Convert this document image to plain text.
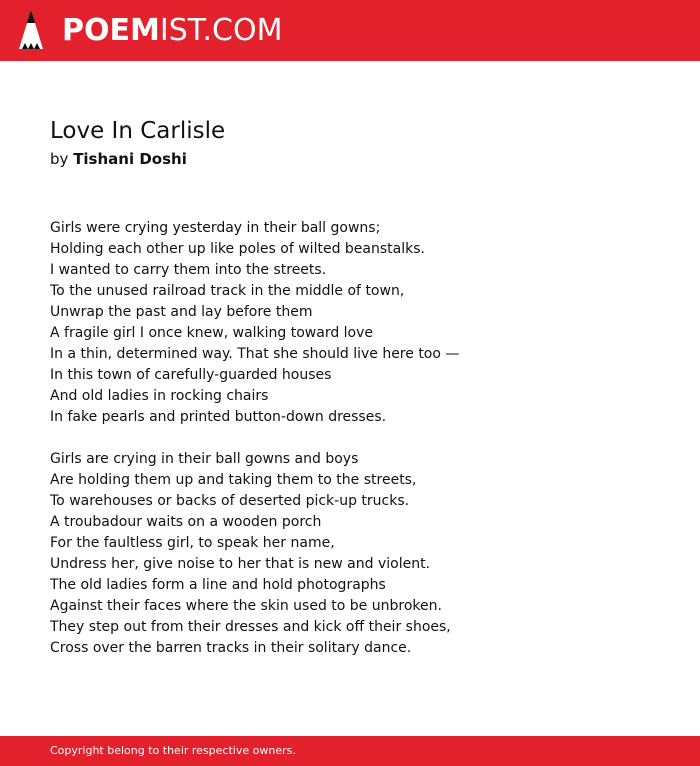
POEMIST.COM
Love In Carlisle
by Tishani Doshi
Girls were crying yesterday in their ball gowns;
Holding each other up like poles of wilted beanstalks.
I wanted to carry them into the streets.
To the unused railroad track in the middle of town,
Unwrap the past and lay before them
A fragile girl I once knew, walking toward love
In a thin, determined way. That she should live here too —
In this town of carefully-guarded houses
And old ladies in rocking chairs
In fake pearls and printed button-down dresses.
Girls are crying in their ball gowns and boys
Are holding them up and taking them to the streets,
To warehouses or backs of deserted pick-up trucks.
A troubadour waits on a wooden porch
For the faultless girl, to speak her name,
Undress her, give noise to her that is new and violent.
The old ladies form a line and hold photographs
Against their faces where the skin used to be unbroken.
They step out from their dresses and kick off their shoes,
Cross over the barren tracks in their solitary dance.
Copyright belong to their respective owners.
